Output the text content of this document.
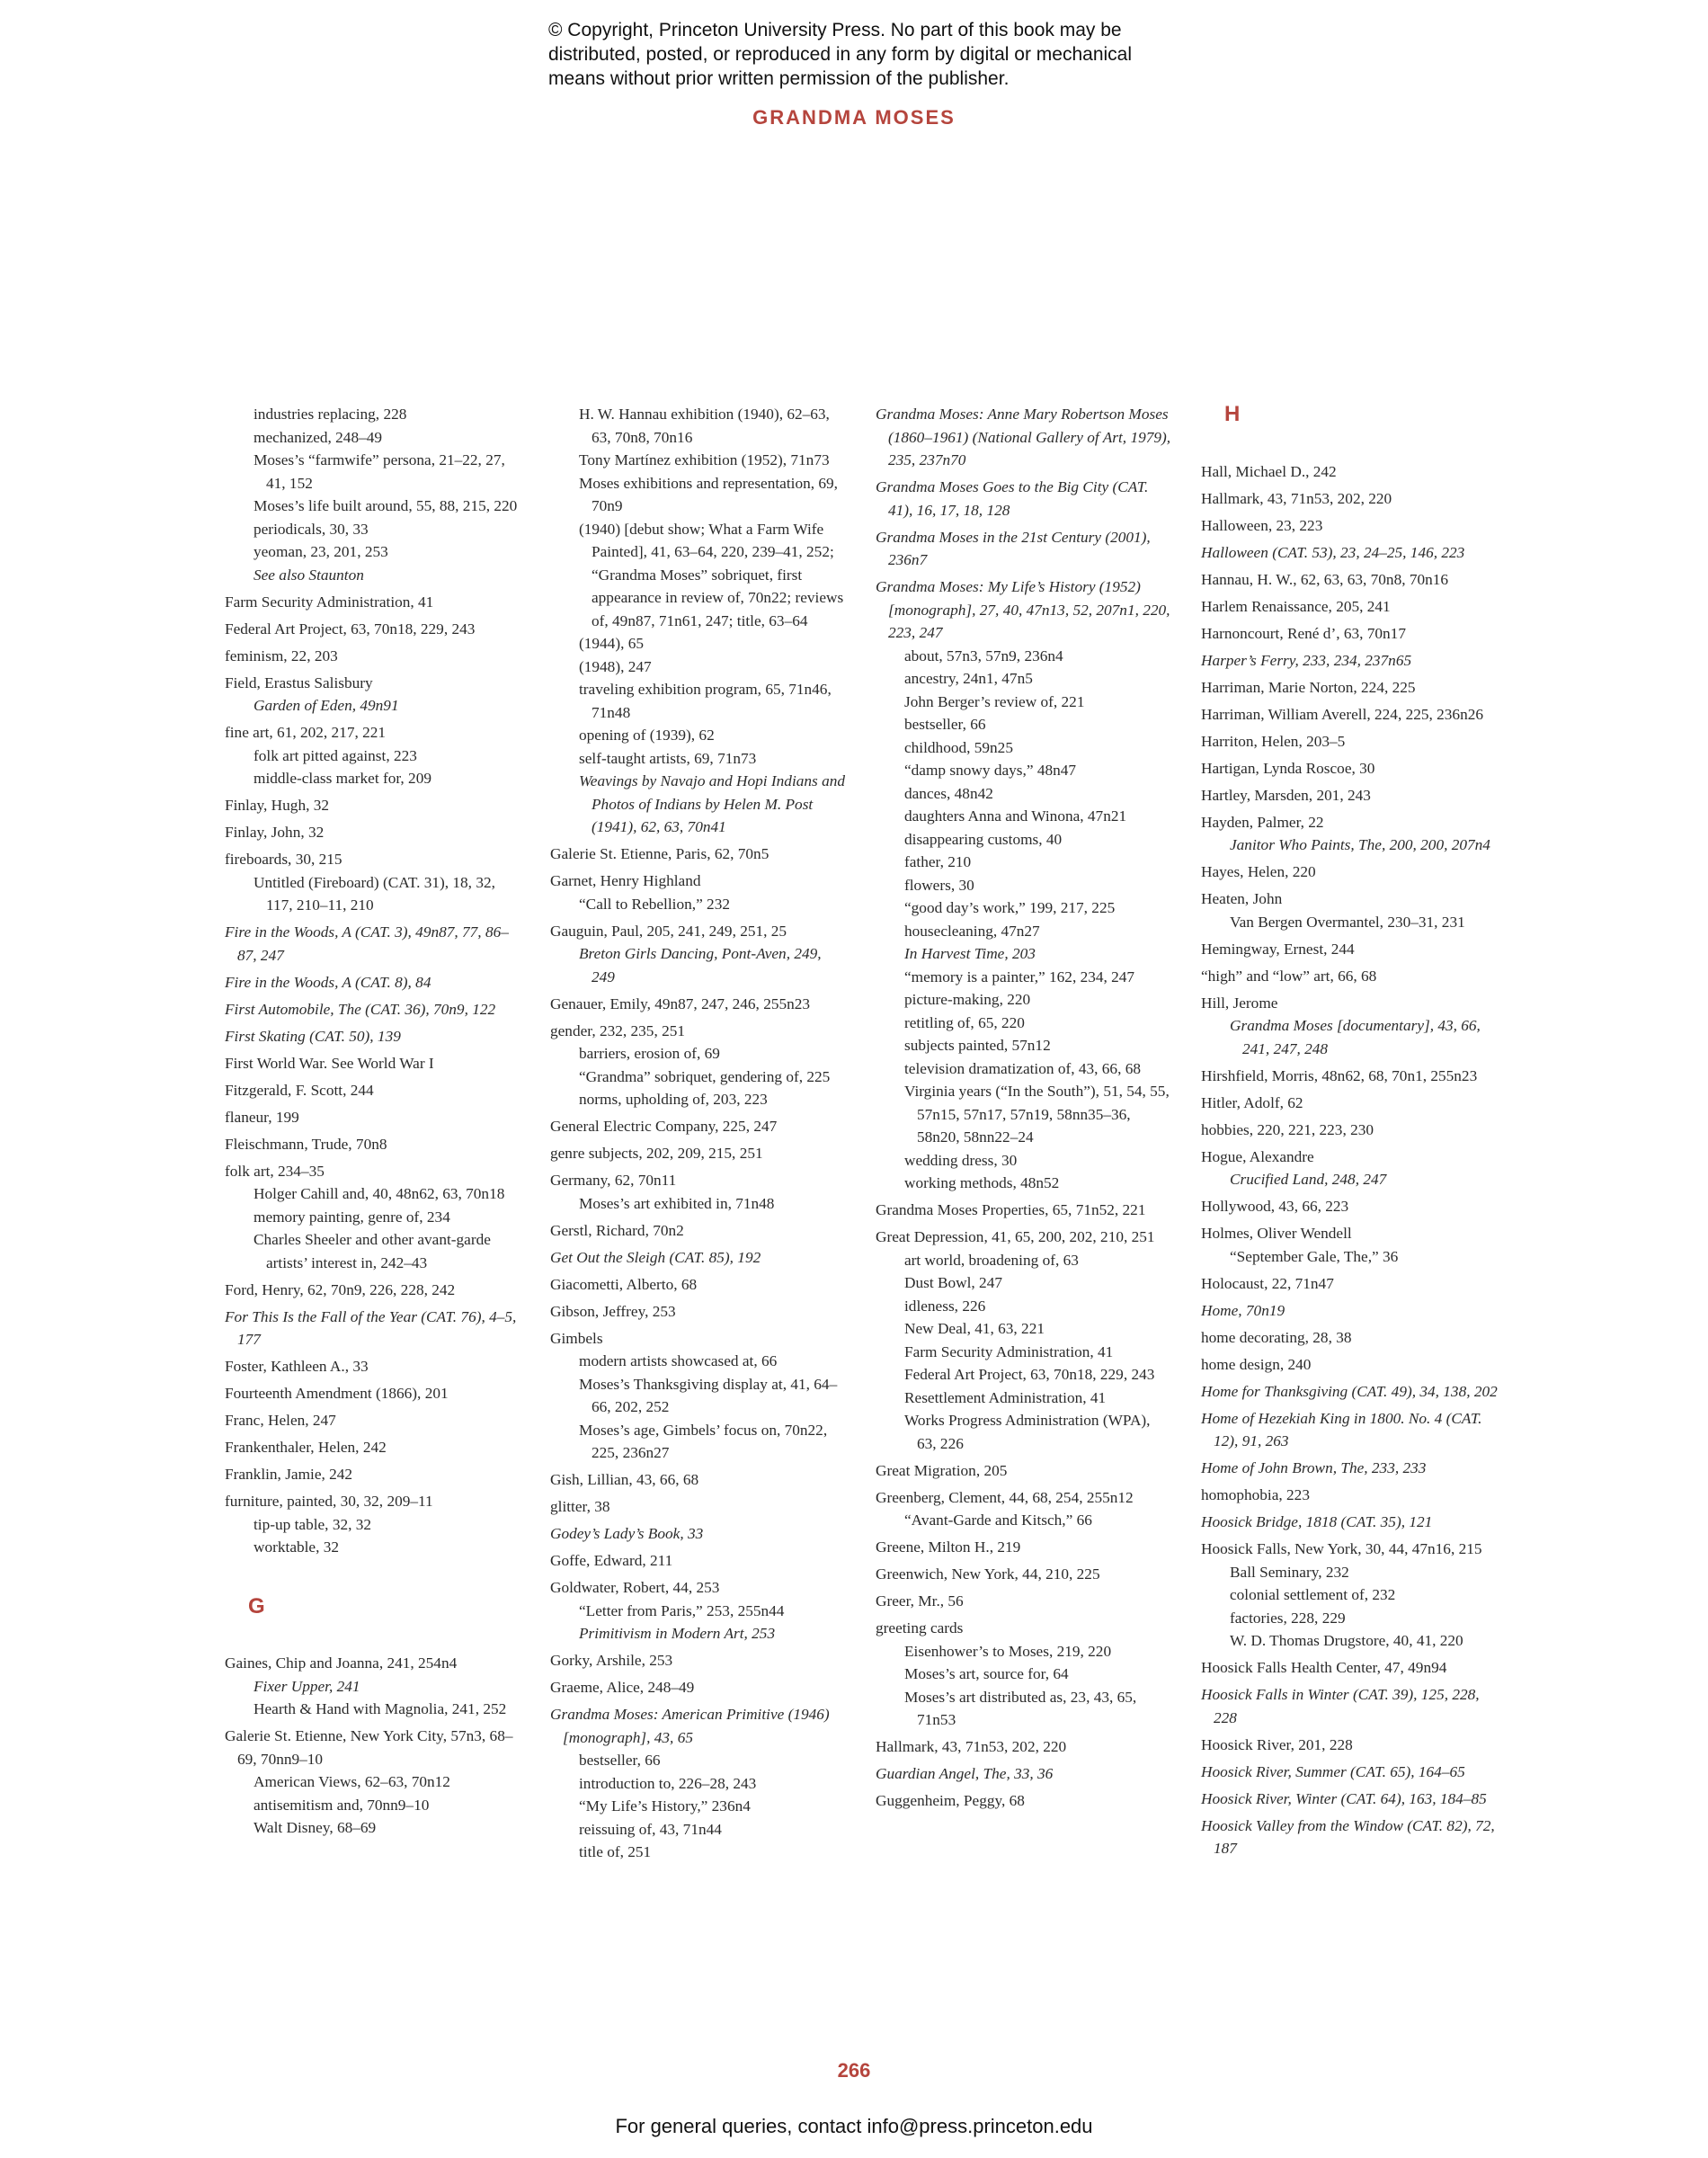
© Copyright, Princeton University Press. No part of this book may be
distributed, posted, or reproduced in any form by digital or mechanical
means without prior written permission of the publisher.
GRANDMA MOSES
industries replacing, 228
mechanized, 248–49
Moses’s “farmwife” persona, 21–22, 27, 41, 152
Moses’s life built around, 55, 88, 215, 220
periodicals, 30, 33
yeoman, 23, 201, 253
See also Staunton
Farm Security Administration, 41
Federal Art Project, 63, 70n18, 229, 243
feminism, 22, 203
Field, Erastus Salisbury
Garden of Eden, 49n91
fine art, 61, 202, 217, 221
folk art pitted against, 223
middle-class market for, 209
Finlay, Hugh, 32
Finlay, John, 32
fireboards, 30, 215
Untitled (Fireboard) (CAT. 31), 18, 32, 117, 210–11, 210
Fire in the Woods, A (CAT. 3), 49n87, 77, 86–87, 247
Fire in the Woods, A (CAT. 8), 84
First Automobile, The (CAT. 36), 70n9, 122
First Skating (CAT. 50), 139
First World War. See World War I
Fitzgerald, F. Scott, 244
flaneur, 199
Fleischmann, Trude, 70n8
folk art, 234–35
Holger Cahill and, 40, 48n62, 63, 70n18
memory painting, genre of, 234
Charles Sheeler and other avant-garde artists’ interest in, 242–43
Ford, Henry, 62, 70n9, 226, 228, 242
For This Is the Fall of the Year (CAT. 76), 4–5, 177
Foster, Kathleen A., 33
Fourteenth Amendment (1866), 201
Franc, Helen, 247
Frankenthaler, Helen, 242
Franklin, Jamie, 242
furniture, painted, 30, 32, 209–11
tip-up table, 32, 32
worktable, 32
G
Gaines, Chip and Joanna, 241, 254n4
Fixer Upper, 241
Hearth & Hand with Magnolia, 241, 252
Galerie St. Etienne, New York City, 57n3, 68–69, 70nn9–10
American Views, 62–63, 70n12
antisemitism and, 70nn9–10
Walt Disney, 68–69
H. W. Hannau exhibition (1940), 62–63, 63, 70n8, 70n16
Tony Martínez exhibition (1952), 71n73
Moses exhibitions and representation, 69, 70n9
(1940) [debut show; What a Farm Wife Painted], 41, 63–64, 220, 239–41, 252; “Grandma Moses” sobriquet, first appearance in review of, 70n22; reviews of, 49n87, 71n61, 247; title, 63–64
(1944), 65
(1948), 247
traveling exhibition program, 65, 71n46, 71n48
opening of (1939), 62
self-taught artists, 69, 71n73
Weavings by Navajo and Hopi Indians and Photos of Indians by Helen M. Post (1941), 62, 63, 70n41
Galerie St. Etienne, Paris, 62, 70n5
Garnet, Henry Highland
“Call to Rebellion,” 232
Gauguin, Paul, 205, 241, 249, 251, 25
Breton Girls Dancing, Pont-Aven, 249, 249
Genauer, Emily, 49n87, 247, 246, 255n23
gender, 232, 235, 251
barriers, erosion of, 69
“Grandma” sobriquet, gendering of, 225
norms, upholding of, 203, 223
General Electric Company, 225, 247
genre subjects, 202, 209, 215, 251
Germany, 62, 70n11
Moses’s art exhibited in, 71n48
Gerstl, Richard, 70n2
Get Out the Sleigh (CAT. 85), 192
Giacometti, Alberto, 68
Gibson, Jeffrey, 253
Gimbels
modern artists showcased at, 66
Moses’s Thanksgiving display at, 41, 64–66, 202, 252
Moses’s age, Gimbels’ focus on, 70n22, 225, 236n27
Gish, Lillian, 43, 66, 68
glitter, 38
Godey’s Lady’s Book, 33
Goffe, Edward, 211
Goldwater, Robert, 44, 253
“Letter from Paris,” 253, 255n44
Primitivism in Modern Art, 253
Gorky, Arshile, 253
Graeme, Alice, 248–49
Grandma Moses: American Primitive (1946) [monograph], 43, 65
bestseller, 66
introduction to, 226–28, 243
“My Life’s History,” 236n4
reissuing of, 43, 71n44
title of, 251
Grandma Moses: Anne Mary Robertson Moses (1860–1961) (National Gallery of Art, 1979), 235, 237n70
Grandma Moses Goes to the Big City (CAT. 41), 16, 17, 18, 128
Grandma Moses in the 21st Century (2001), 236n7
Grandma Moses: My Life’s History (1952) [monograph], 27, 40, 47n13, 52, 207n1, 220, 223, 247
about, 57n3, 57n9, 236n4
ancestry, 24n1, 47n5
John Berger’s review of, 221
bestseller, 66
childhood, 59n25
“damp snowy days,” 48n47
dances, 48n42
daughters Anna and Winona, 47n21
disappearing customs, 40
father, 210
flowers, 30
“good day’s work,” 199, 217, 225
housecleaning, 47n27
In Harvest Time, 203
“memory is a painter,” 162, 234, 247
picture-making, 220
retitling of, 65, 220
subjects painted, 57n12
television dramatization of, 43, 66, 68
Virginia years (“In the South”), 51, 54, 55, 57n15, 57n17, 57n19, 58nn35–36, 58n20, 58nn22–24
wedding dress, 30
working methods, 48n52
Grandma Moses Properties, 65, 71n52, 221
Great Depression, 41, 65, 200, 202, 210, 251
art world, broadening of, 63
Dust Bowl, 247
idleness, 226
New Deal, 41, 63, 221
Farm Security Administration, 41
Federal Art Project, 63, 70n18, 229, 243
Resettlement Administration, 41
Works Progress Administration (WPA), 63, 226
Great Migration, 205
Greenberg, Clement, 44, 68, 254, 255n12
“Avant-Garde and Kitsch,” 66
Greene, Milton H., 219
Greenwich, New York, 44, 210, 225
Greer, Mr., 56
greeting cards
Eisenhower’s to Moses, 219, 220
Moses’s art, source for, 64
Moses’s art distributed as, 23, 43, 65, 71n53
Hallmark, 43, 71n53, 202, 220
Guardian Angel, The, 33, 36
Guggenheim, Peggy, 68
H
Hall, Michael D., 242
Hallmark, 43, 71n53, 202, 220
Halloween, 23, 223
Halloween (CAT. 53), 23, 24–25, 146, 223
Hannau, H. W., 62, 63, 63, 70n8, 70n16
Harlem Renaissance, 205, 241
Harnoncourt, René d’, 63, 70n17
Harper’s Ferry, 233, 234, 237n65
Harriman, Marie Norton, 224, 225
Harriman, William Averell, 224, 225, 236n26
Harriton, Helen, 203–5
Hartigan, Lynda Roscoe, 30
Hartley, Marsden, 201, 243
Hayden, Palmer, 22
Janitor Who Paints, The, 200, 200, 207n4
Hayes, Helen, 220
Heaten, John
Van Bergen Overmantel, 230–31, 231
Hemingway, Ernest, 244
“high” and “low” art, 66, 68
Hill, Jerome
Grandma Moses [documentary], 43, 66, 241, 247, 248
Hirshfield, Morris, 48n62, 68, 70n1, 255n23
Hitler, Adolf, 62
hobbies, 220, 221, 223, 230
Hogue, Alexandre
Crucified Land, 248, 247
Hollywood, 43, 66, 223
Holmes, Oliver Wendell
“September Gale, The,” 36
Holocaust, 22, 71n47
Home, 70n19
home decorating, 28, 38
home design, 240
Home for Thanksgiving (CAT. 49), 34, 138, 202
Home of Hezekiah King in 1800. No. 4 (CAT. 12), 91, 263
Home of John Brown, The, 233, 233
homophobia, 223
Hoosick Bridge, 1818 (CAT. 35), 121
Hoosick Falls, New York, 30, 44, 47n16, 215
Ball Seminary, 232
colonial settlement of, 232
factories, 228, 229
W. D. Thomas Drugstore, 40, 41, 220
Hoosick Falls Health Center, 47, 49n94
Hoosick Falls in Winter (CAT. 39), 125, 228, 228
Hoosick River, 201, 228
Hoosick River, Summer (CAT. 65), 164–65
Hoosick River, Winter (CAT. 64), 163, 184–85
Hoosick Valley from the Window (CAT. 82), 72, 187
266
For general queries, contact info@press.princeton.edu
